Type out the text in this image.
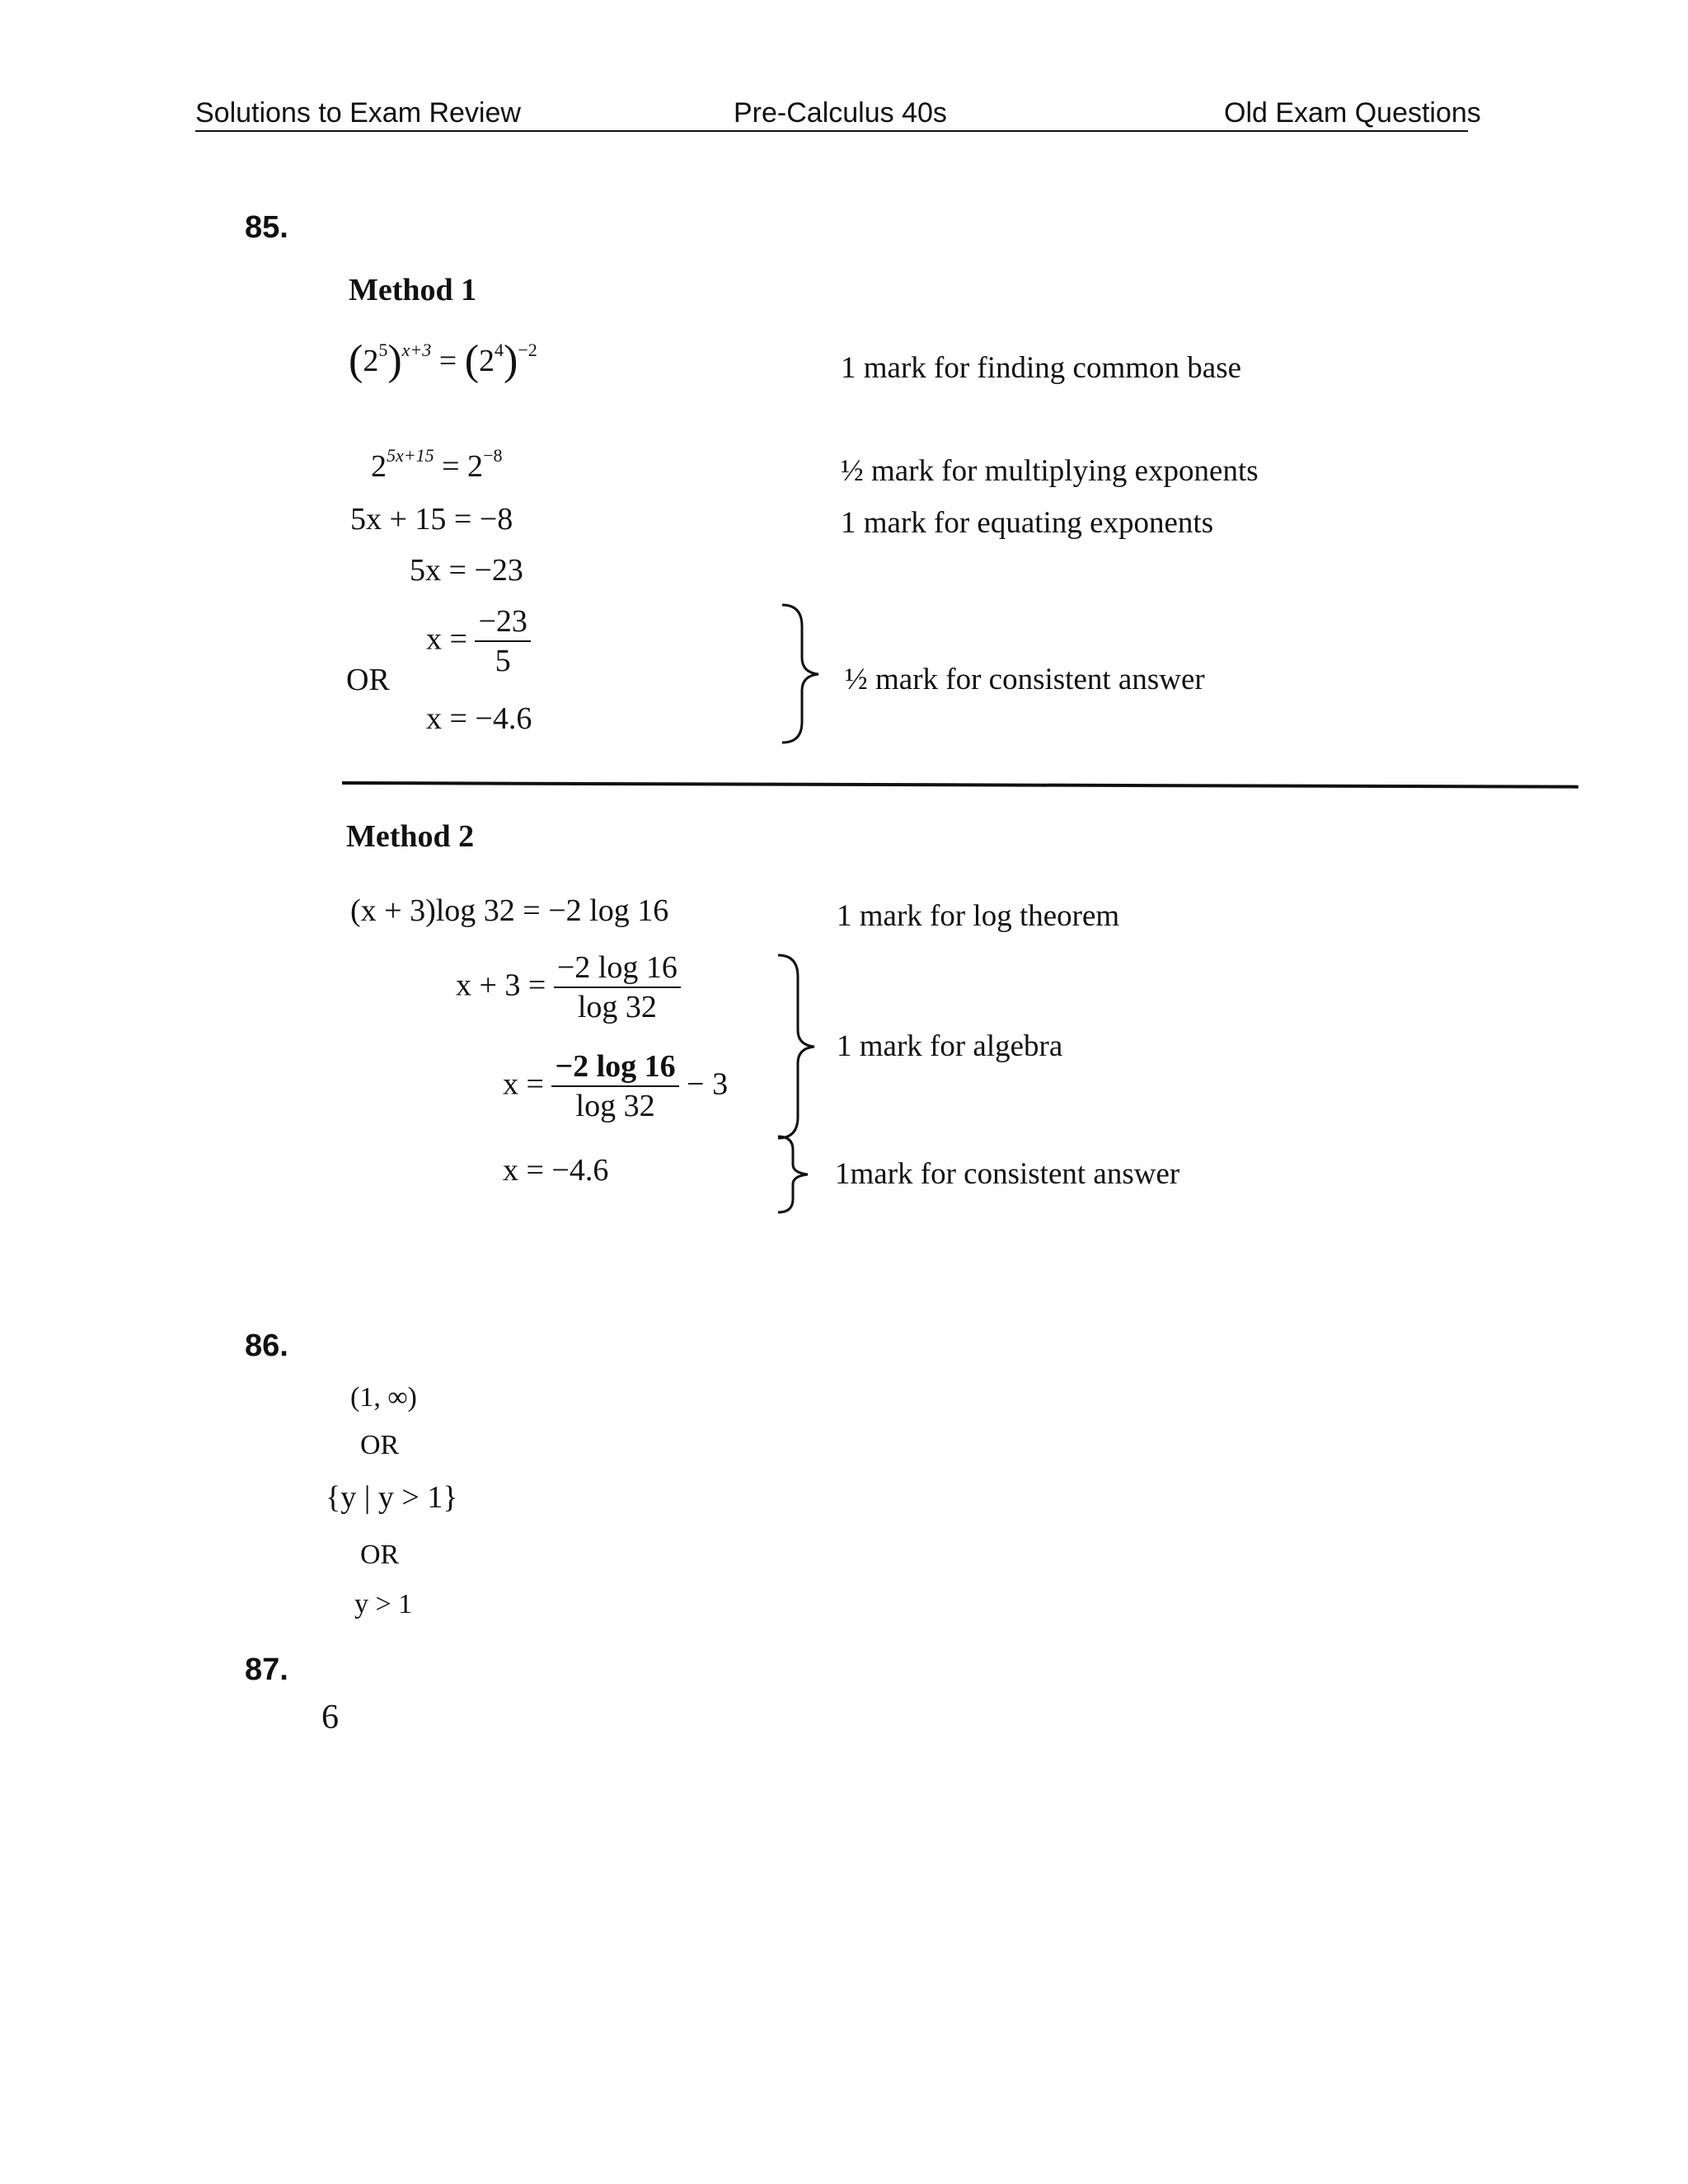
Solutions to Exam Review	Pre-Calculus 40s	Old Exam Questions
85.
Method 1
$(2^5)^{x+3} = (2^4)^{-2}$
1 mark for finding common base
$2^{5x+15} = 2^{-8}$	½ mark for multiplying exponents
5x + 15 = −8	1 mark for equating exponents
5x = −23
$x = \frac{-23}{5}$
OR
x = −4.6
½ mark for consistent answer
Method 2
(x + 3)log 32 = −2 log 16	1 mark for log theorem
$x + 3 = \frac{-2 \log 16}{\log 32}$
$x = \frac{-2 \log 16}{\log 32} - 3$
x = −4.6
1 mark for algebra
1mark for consistent answer
86.
(1, ∞)
OR
{y | y > 1}
OR
y > 1
87.
6
